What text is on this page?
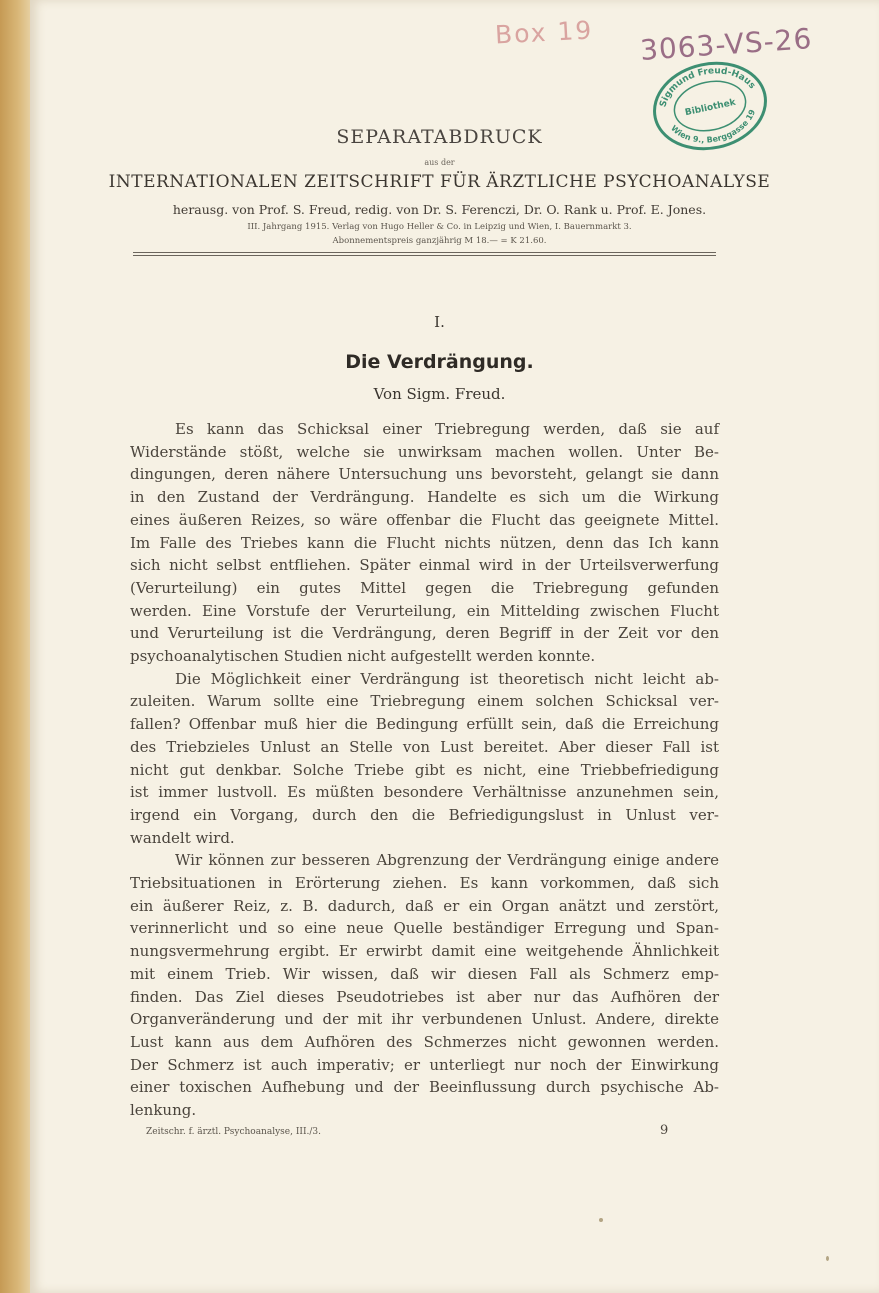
Box 19 3063-VS-26
Sigmund Freud-Haus
Bibliothek
Wien 9., Berggasse 19
SEPARATABDRUCK
aus der
INTERNATIONALEN ZEITSCHRIFT FÜR ÄRZTLICHE PSYCHOANALYSE
herausg. von Prof. S. Freud, redig. von Dr. S. Ferenczi, Dr. O. Rank u. Prof. E. Jones.
III. Jahrgang 1915. Verlag von Hugo Heller & Co. in Leipzig und Wien, I. Bauernmarkt 3.
Abonnementspreis ganzjährig M 18.— = K 21.60.
I.
Die Verdrängung.
Von Sigm. Freud.
Es kann das Schicksal einer Triebregung werden, daß sie auf
Widerstände stößt, welche sie unwirksam machen wollen. Unter Be-
dingungen, deren nähere Untersuchung uns bevorsteht, gelangt sie dann
in den Zustand der Verdrängung. Handelte es sich um die Wirkung
eines äußeren Reizes, so wäre offenbar die Flucht das geeignete Mittel.
Im Falle des Triebes kann die Flucht nichts nützen, denn das Ich kann
sich nicht selbst entfliehen. Später einmal wird in der Urteilsverwerfung
(Verurteilung) ein gutes Mittel gegen die Triebregung gefunden
werden. Eine Vorstufe der Verurteilung, ein Mittelding zwischen Flucht
und Verurteilung ist die Verdrängung, deren Begriff in der Zeit vor den
psychoanalytischen Studien nicht aufgestellt werden konnte.
Die Möglichkeit einer Verdrängung ist theoretisch nicht leicht ab-
zuleiten. Warum sollte eine Triebregung einem solchen Schicksal ver-
fallen? Offenbar muß hier die Bedingung erfüllt sein, daß die Erreichung
des Triebzieles Unlust an Stelle von Lust bereitet. Aber dieser Fall ist
nicht gut denkbar. Solche Triebe gibt es nicht, eine Triebbefriedigung
ist immer lustvoll. Es müßten besondere Verhältnisse anzunehmen sein,
irgend ein Vorgang, durch den die Befriedigungslust in Unlust ver-
wandelt wird.
Wir können zur besseren Abgrenzung der Verdrängung einige andere
Triebsituationen in Erörterung ziehen. Es kann vorkommen, daß sich
ein äußerer Reiz, z. B. dadurch, daß er ein Organ anätzt und zerstört,
verinnerlicht und so eine neue Quelle beständiger Erregung und Span-
nungsvermehrung ergibt. Er erwirbt damit eine weitgehende Ähnlichkeit
mit einem Trieb. Wir wissen, daß wir diesen Fall als Schmerz emp-
finden. Das Ziel dieses Pseudotriebes ist aber nur das Aufhören der
Organveränderung und der mit ihr verbundenen Unlust. Andere, direkte
Lust kann aus dem Aufhören des Schmerzes nicht gewonnen werden.
Der Schmerz ist auch imperativ; er unterliegt nur noch der Einwirkung
einer toxischen Aufhebung und der Beeinflussung durch psychische Ab-
lenkung.
Zeitschr. f. ärztl. Psychoanalyse, III./3.	9
